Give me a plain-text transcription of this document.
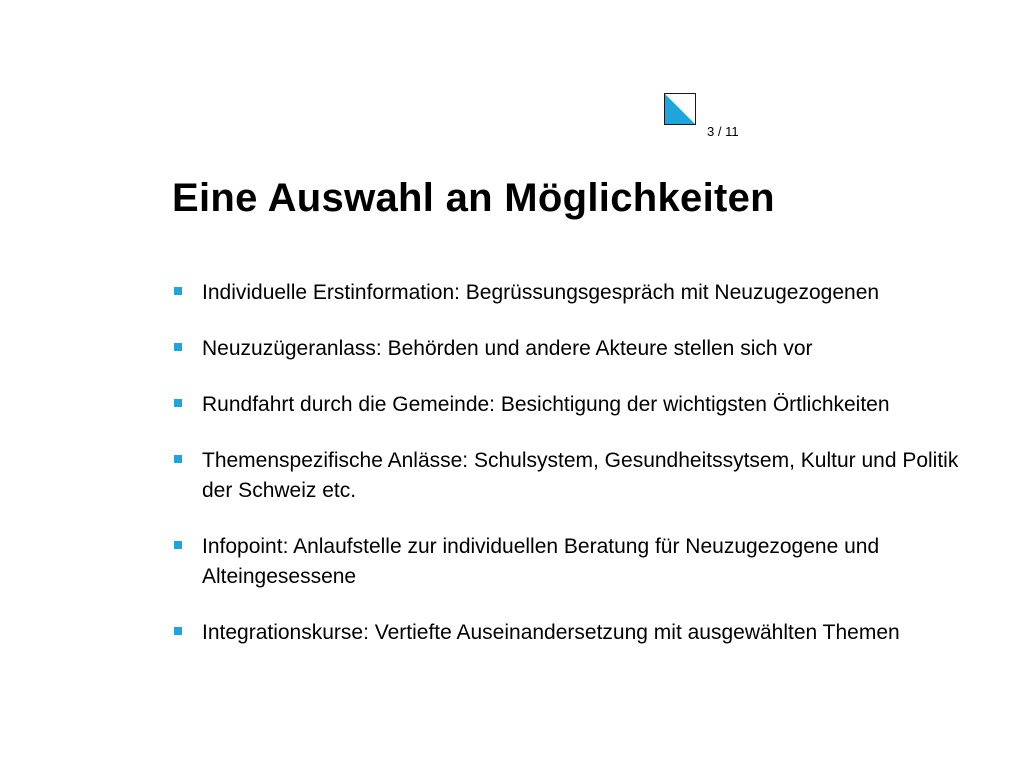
3 / 11
Eine Auswahl an Möglichkeiten
Individuelle Erstinformation: Begrüssungsgespräch mit Neuzugezogenen
Neuzuzügeranlass: Behörden und andere Akteure stellen sich vor
Rundfahrt durch die Gemeinde: Besichtigung der wichtigsten Örtlichkeiten
Themenspezifische Anlässe: Schulsystem, Gesundheitssytsem, Kultur und Politik der Schweiz etc.
Infopoint: Anlaufstelle zur individuellen Beratung für Neuzugezogene und Alteingesessene
Integrationskurse: Vertiefte Auseinandersetzung mit ausgewählten Themen
